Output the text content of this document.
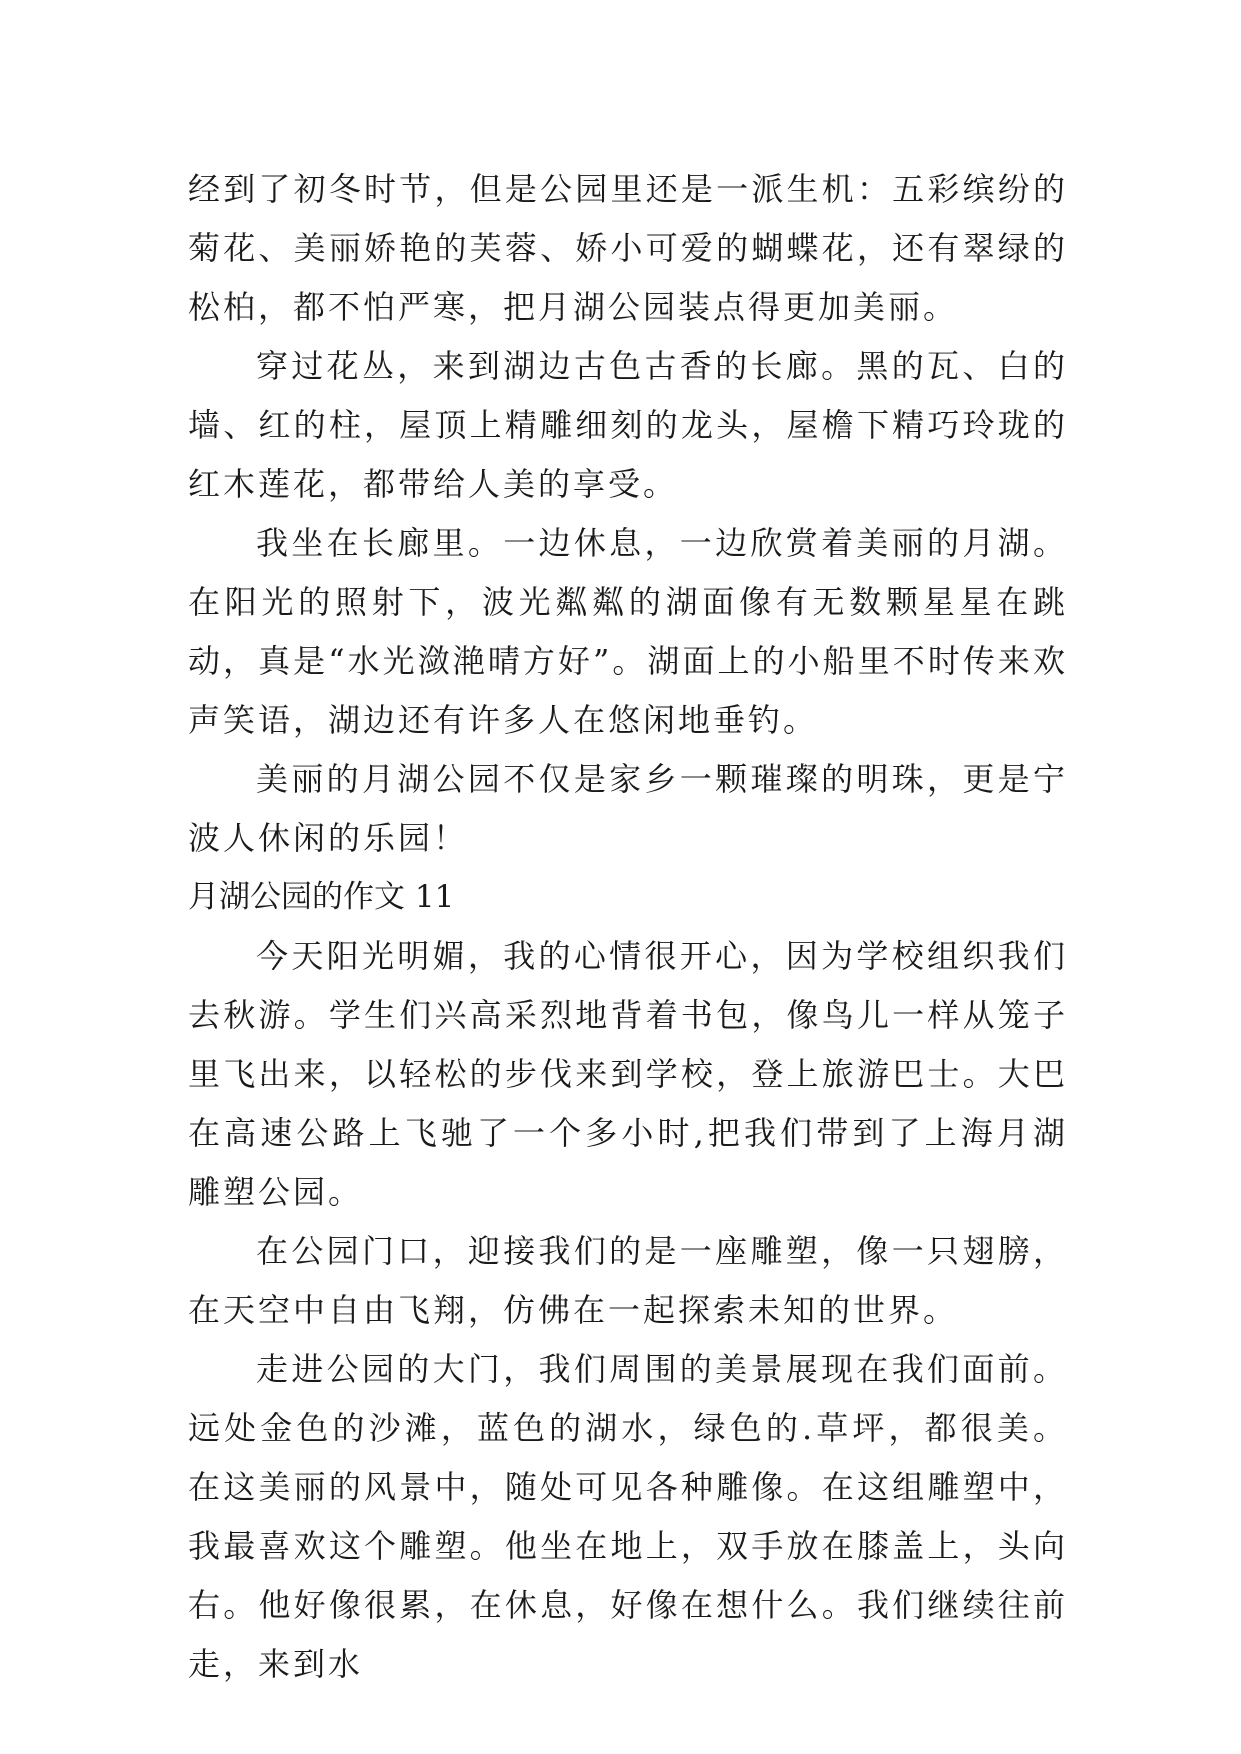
经到了初冬时节，但是公园里还是一派生机：五彩缤纷的菊花、美丽娇艳的芙蓉、娇小可爱的蝴蝶花，还有翠绿的松柏，都不怕严寒，把月湖公园装点得更加美丽。

穿过花丛，来到湖边古色古香的长廊。黑的瓦、白的墙、红的柱，屋顶上精雕细刻的龙头，屋檐下精巧玲珑的红木莲花，都带给人美的享受。

我坐在长廊里。一边休息，一边欣赏着美丽的月湖。在阳光的照射下，波光粼粼的湖面像有无数颗星星在跳动，真是“水光潋滟晴方好”。湖面上的小船里不时传来欢声笑语，湖边还有许多人在悠闲地垂钓。

美丽的月湖公园不仅是家乡一颗璀璨的明珠，更是宁波人休闲的乐园！

月湖公园的作文 11

今天阳光明媚，我的心情很开心，因为学校组织我们去秋游。学生们兴高采烈地背着书包，像鸟儿一样从笼子里飞出来，以轻松的步伐来到学校，登上旅游巴士。大巴在高速公路上飞驰了一个多小时,把我们带到了上海月湖雕塑公园。

在公园门口，迎接我们的是一座雕塑，像一只翅膀，在天空中自由飞翔，仿佛在一起探索未知的世界。

走进公园的大门，我们周围的美景展现在我们面前。远处金色的沙滩，蓝色的湖水，绿色的.草坪，都很美。在这美丽的风景中，随处可见各种雕像。在这组雕塑中，我最喜欢这个雕塑。他坐在地上，双手放在膝盖上，头向右。他好像很累，在休息，好像在想什么。我们继续往前走，来到水
